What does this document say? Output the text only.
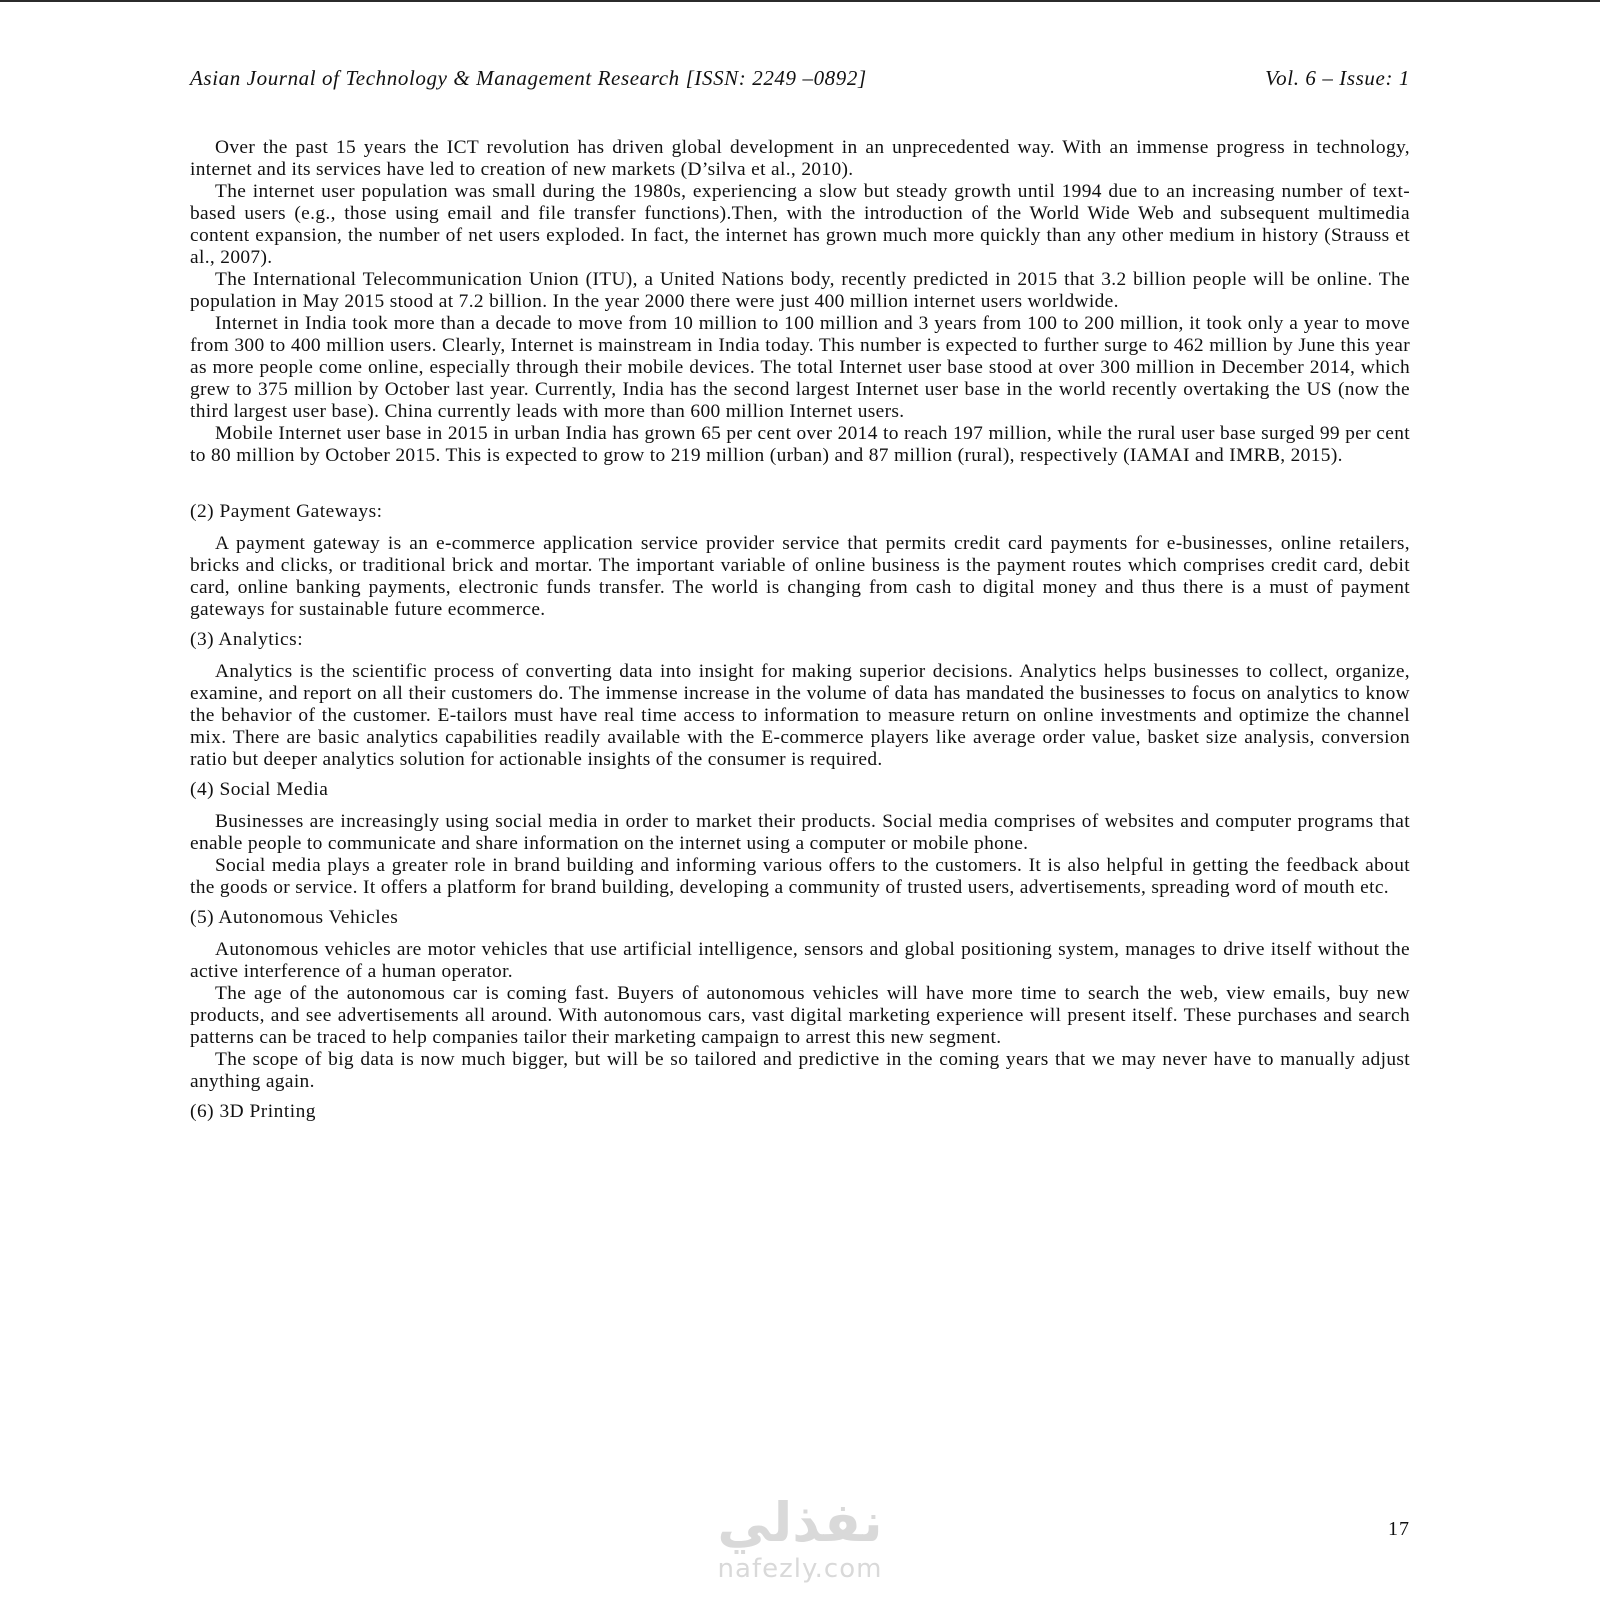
Asian Journal of Technology & Management Research [ISSN: 2249 –0892]	Vol. 6 – Issue: 1

Over the past 15 years the ICT revolution has driven global development in an unprecedented way. With an immense progress in technology, internet and its services have led to creation of new markets (D’silva et al., 2010).

The internet user population was small during the 1980s, experiencing a slow but steady growth until 1994 due to an increasing number of text-based users (e.g., those using email and file transfer functions).Then, with the introduction of the World Wide Web and subsequent multimedia content expansion, the number of net users exploded. In fact, the internet has grown much more quickly than any other medium in history (Strauss et al., 2007).

The International Telecommunication Union (ITU), a United Nations body, recently predicted in 2015 that 3.2 billion people will be online. The population in May 2015 stood at 7.2 billion. In the year 2000 there were just 400 million internet users worldwide.

Internet in India took more than a decade to move from 10 million to 100 million and 3 years from 100 to 200 million, it took only a year to move from 300 to 400 million users. Clearly, Internet is mainstream in India today. This number is expected to further surge to 462 million by June this year as more people come online, especially through their mobile devices. The total Internet user base stood at over 300 million in December 2014, which grew to 375 million by October last year. Currently, India has the second largest Internet user base in the world recently overtaking the US (now the third largest user base). China currently leads with more than 600 million Internet users.

Mobile Internet user base in 2015 in urban India has grown 65 per cent over 2014 to reach 197 million, while the rural user base surged 99 per cent to 80 million by October 2015. This is expected to grow to 219 million (urban) and 87 million (rural), respectively (IAMAI and IMRB, 2015).

(2) Payment Gateways:

A payment gateway is an e-commerce application service provider service that permits credit card payments for e-businesses, online retailers, bricks and clicks, or traditional brick and mortar. The important variable of online business is the payment routes which comprises credit card, debit card, online banking payments, electronic funds transfer. The world is changing from cash to digital money and thus there is a must of payment gateways for sustainable future ecommerce.

(3) Analytics:

Analytics is the scientific process of converting data into insight for making superior decisions. Analytics helps businesses to collect, organize, examine, and report on all their customers do. The immense increase in the volume of data has mandated the businesses to focus on analytics to know the behavior of the customer. E-tailors must have real time access to information to measure return on online investments and optimize the channel mix. There are basic analytics capabilities readily available with the E-commerce players like average order value, basket size analysis, conversion ratio but deeper analytics solution for actionable insights of the consumer is required.

(4) Social Media

Businesses are increasingly using social media in order to market their products. Social media comprises of websites and computer programs that enable people to communicate and share information on the internet using a computer or mobile phone.

Social media plays a greater role in brand building and informing various offers to the customers. It is also helpful in getting the feedback about the goods or service. It offers a platform for brand building, developing a community of trusted users, advertisements, spreading word of mouth etc.

(5) Autonomous Vehicles

Autonomous vehicles are motor vehicles that use artificial intelligence, sensors and global positioning system, manages to drive itself without the active interference of a human operator.

The age of the autonomous car is coming fast. Buyers of autonomous vehicles will have more time to search the web, view emails, buy new products, and see advertisements all around. With autonomous cars, vast digital marketing experience will present itself. These purchases and search patterns can be traced to help companies tailor their marketing campaign to arrest this new segment.

The scope of big data is now much bigger, but will be so tailored and predictive in the coming years that we may never have to manually adjust anything again.

(6) 3D Printing
نفذلي
nafezly.com
17
